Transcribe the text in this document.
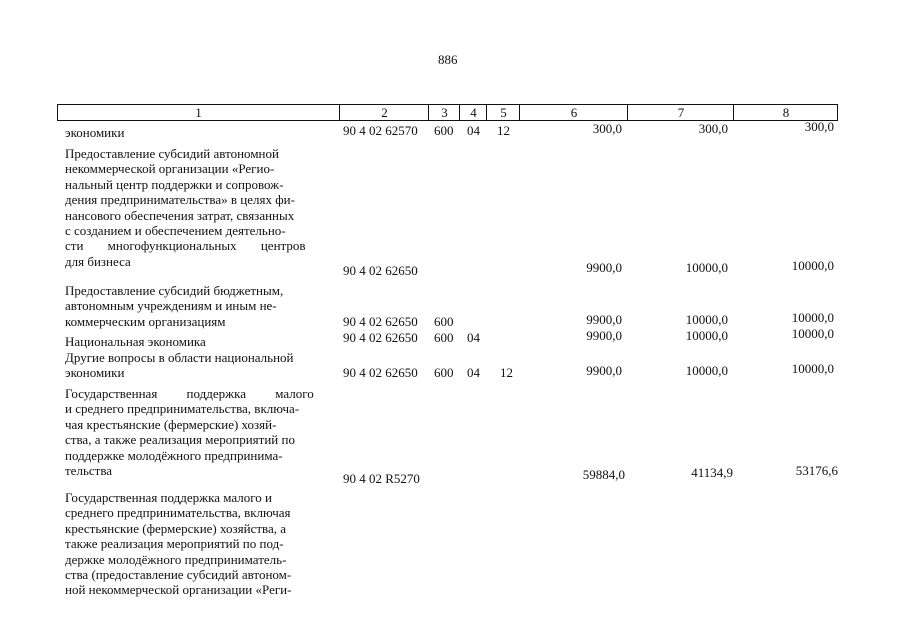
886
1	2	3	4	5	6	7	8
экономики	90 4 02 62570 600 04 12	300,0	300,0	300,0
Предоставление субсидий автономной
некоммерческой организации «Регио-
нальный центр поддержки и сопровож-
дения предпринимательства» в целях фи-
нансового обеспечения затрат, связанных
с созданием и обеспечением деятельно-
сти многофункциональных центров
для бизнеса
90 4 02 62650	9900,0	10000,0	10000,0
Предоставление субсидий бюджетным,
автономным учреждениям и иным не-
коммерческим организациям	90 4 02 62650 600	9900,0	10000,0	10000,0
Национальная экономика	90 4 02 62650 600 04	9900,0	10000,0	10000,0
Другие вопросы в области национальной
экономики	90 4 02 62650 600 04 12	9900,0	10000,0	10000,0
Государственная поддержка малого
и среднего предпринимательства, включа-
чая крестьянские (фермерские) хозяй-
ства, а также реализация мероприятий по
поддержке молодёжного предпринима-
тельства
90 4 02 R5270	59884,0	41134,9	53176,6
Государственная поддержка малого и
среднего предпринимательства, включая
крестьянские (фермерские) хозяйства, а
также реализация мероприятий по под-
держке молодёжного предприниматель-
ства (предоставление субсидий автоном-
ной некоммерческой организации «Реги-
